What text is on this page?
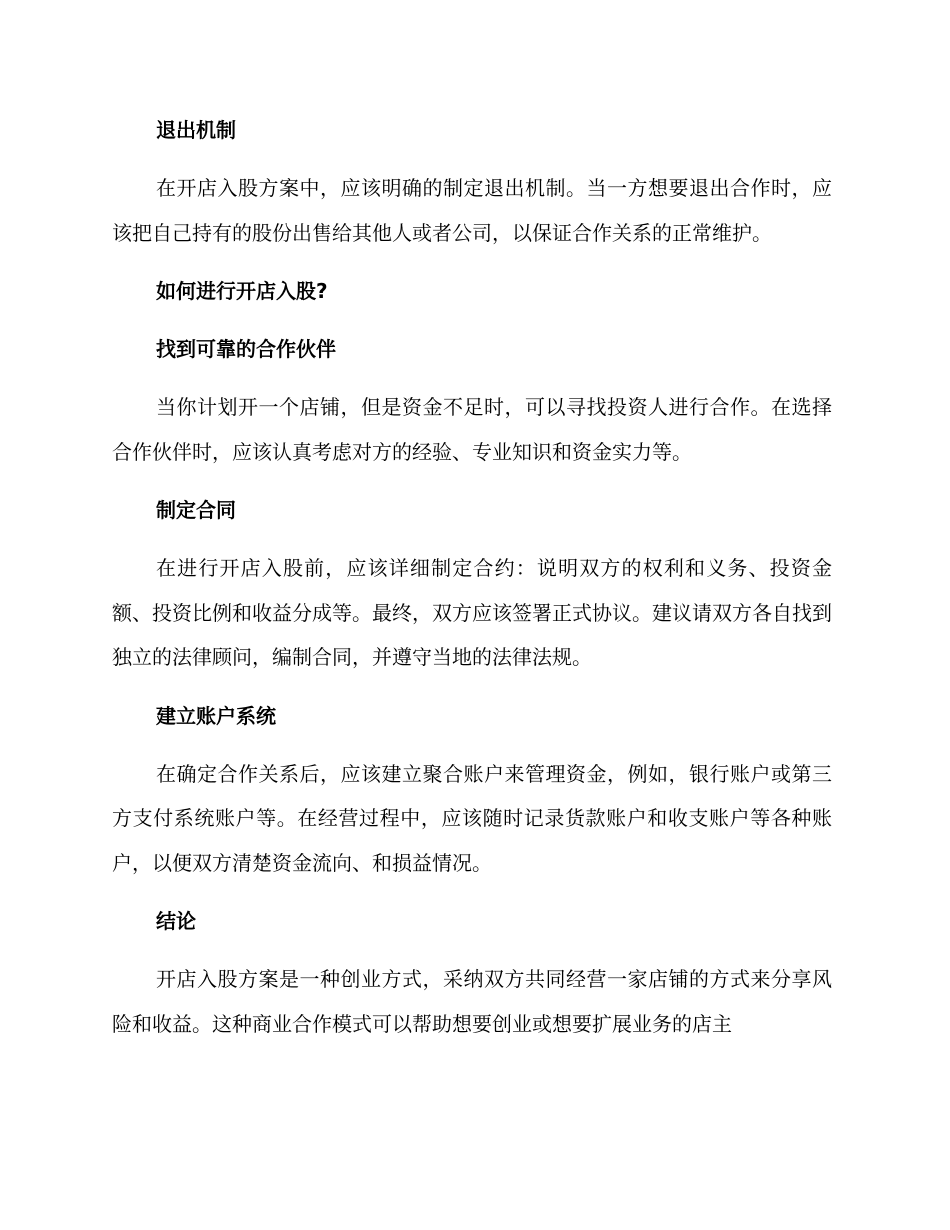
退出机制

在开店入股方案中，应该明确的制定退出机制。当一方想要退出合作时，应该把自己持有的股份出售给其他人或者公司，以保证合作关系的正常维护。

如何进行开店入股?
找到可靠的合作伙伴

当你计划开一个店铺，但是资金不足时，可以寻找投资人进行合作。在选择合作伙伴时，应该认真考虑对方的经验、专业知识和资金实力等。

制定合同

在进行开店入股前，应该详细制定合约：说明双方的权利和义务、投资金额、投资比例和收益分成等。最终，双方应该签署正式协议。建议请双方各自找到独立的法律顾问，编制合同，并遵守当地的法律法规。

建立账户系统

在确定合作关系后，应该建立聚合账户来管理资金，例如，银行账户或第三方支付系统账户等。在经营过程中，应该随时记录货款账户和收支账户等各种账户，以便双方清楚资金流向、和损益情况。

结论

开店入股方案是一种创业方式，采纳双方共同经营一家店铺的方式来分享风险和收益。这种商业合作模式可以帮助想要创业或想要扩展业务的店主
